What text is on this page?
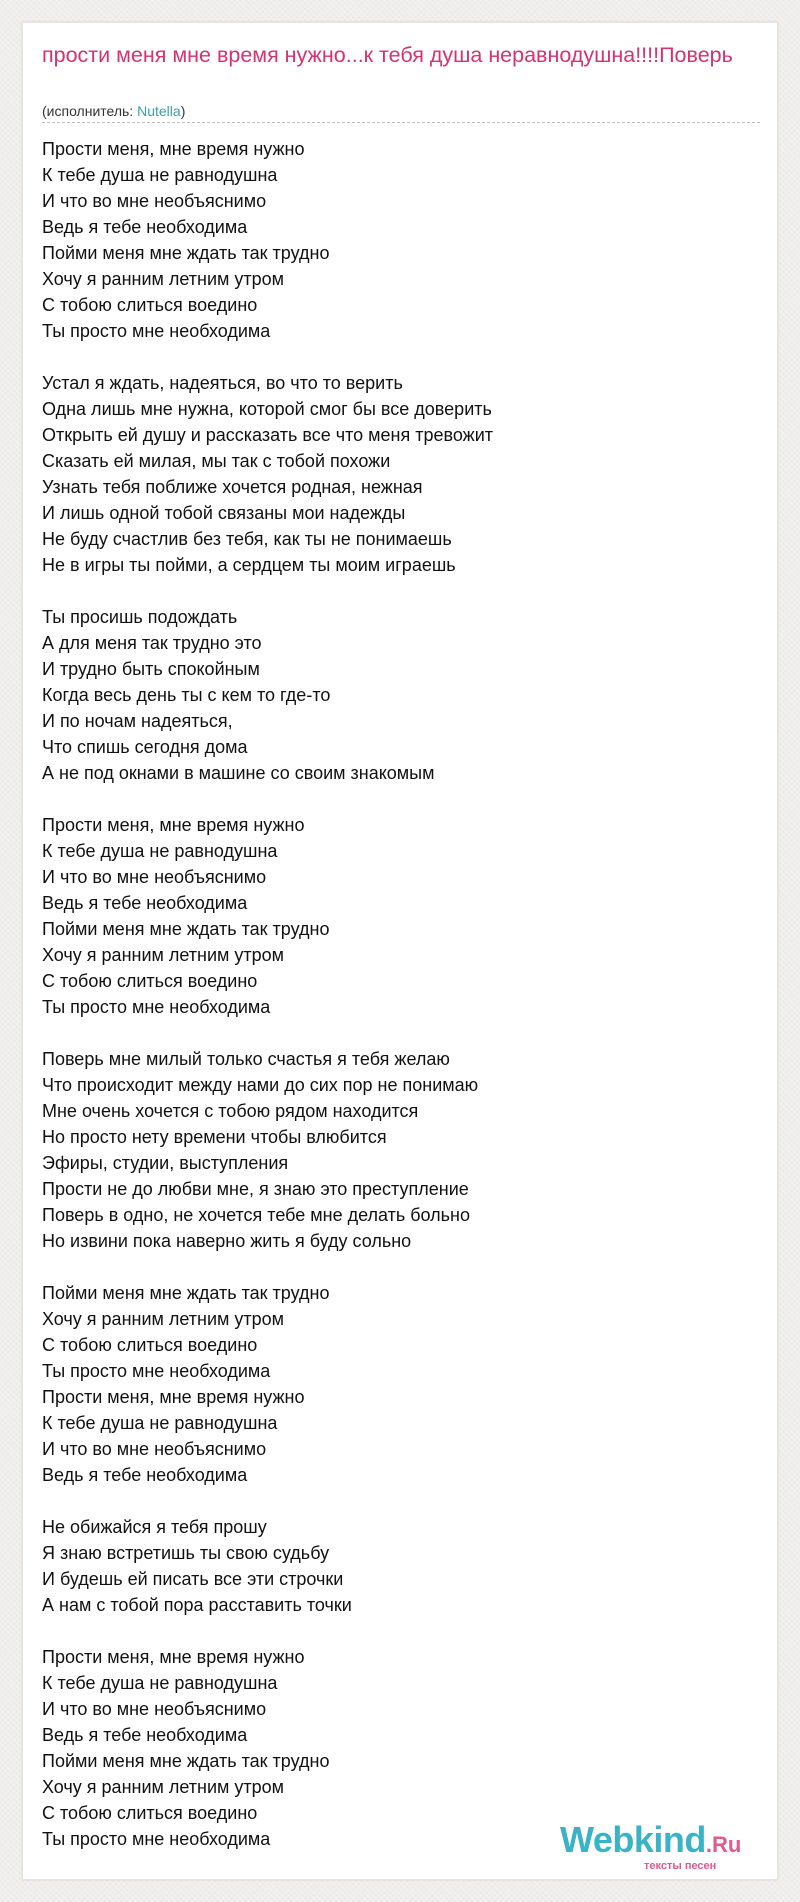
прости меня мне время нужно...к тебя душа неравнодушна!!!!Поверь
(исполнитель: Nutella)
Прости меня, мне время нужно
К тебе душа не равнодушна
И что во мне необъяснимо
Ведь я тебе необходима
Пойми меня мне ждать так трудно
Хочу я ранним летним утром
С тобою слиться воедино
Ты просто мне необходима
Устал я ждать, надеяться, во что то верить
Одна лишь мне нужна, которой смог бы все доверить
Открыть ей душу и рассказать все что меня тревожит
Сказать ей милая, мы так с тобой похожи
Узнать тебя поближе хочется родная, нежная
И лишь одной тобой связаны мои надежды
Не буду счастлив без тебя, как ты не понимаешь
Не в игры ты пойми, а сердцем ты моим играешь
Ты просишь подождать
А для меня так трудно это
И трудно быть спокойным
Когда весь день ты с кем то где-то
И по ночам надеяться,
Что спишь сегодня дома
А не под окнами в машине со своим знакомым
Прости меня, мне время нужно
К тебе душа не равнодушна
И что во мне необъяснимо
Ведь я тебе необходима
Пойми меня мне ждать так трудно
Хочу я ранним летним утром
С тобою слиться воедино
Ты просто мне необходима
Поверь мне милый только счастья я тебя желаю
Что происходит между нами до сих пор не понимаю
Мне очень хочется с тобою рядом находится
Но просто нету времени чтобы влюбится
Эфиры, студии, выступления
Прости не до любви мне, я знаю это преступление
Поверь в одно, не хочется тебе мне делать больно
Но извини пока наверно жить я буду сольно
Пойми меня мне ждать так трудно
Хочу я ранним летним утром
С тобою слиться воедино
Ты просто мне необходима
Прости меня, мне время нужно
К тебе душа не равнодушна
И что во мне необъяснимо
Ведь я тебе необходима
Не обижайся я тебя прошу
Я знаю встретишь ты свою судьбу
И будешь ей писать все эти строчки
А нам с тобой пора расставить точки
Прости меня, мне время нужно
К тебе душа не равнодушна
И что во мне необъяснимо
Ведь я тебе необходима
Пойми меня мне ждать так трудно
Хочу я ранним летним утром
С тобою слиться воедино
Ты просто мне необходима	Webkind.Ru
тексты песен
